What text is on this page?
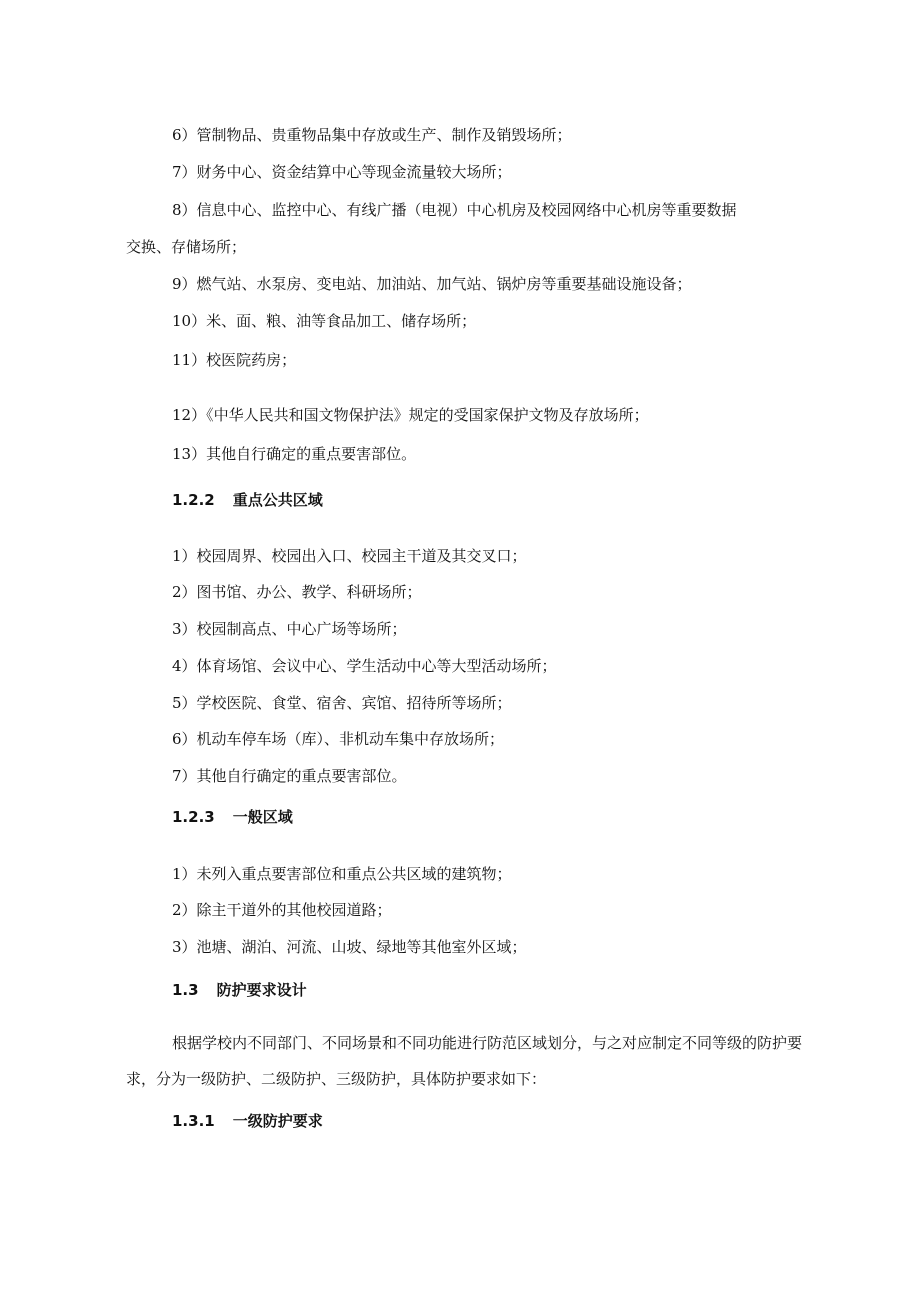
6）管制物品、贵重物品集中存放或生产、制作及销毁场所；
7）财务中心、资金结算中心等现金流量较大场所；
8）信息中心、监控中心、有线广播（电视）中心机房及校园网络中心机房等重要数据
交换、存储场所；
9）燃气站、水泵房、变电站、加油站、加气站、锅炉房等重要基础设施设备；
10）米、面、粮、油等食品加工、储存场所；
11）校医院药房；
12）《中华人民共和国文物保护法》规定的受国家保护文物及存放场所；
13）其他自行确定的重点要害部位。
1.2.2 重点公共区域
1）校园周界、校园出入口、校园主干道及其交叉口；
2）图书馆、办公、教学、科研场所；
3）校园制高点、中心广场等场所；
4）体育场馆、会议中心、学生活动中心等大型活动场所；
5）学校医院、食堂、宿舍、宾馆、招待所等场所；
6）机动车停车场（库）、非机动车集中存放场所；
7）其他自行确定的重点要害部位。
1.2.3 一般区域
1）未列入重点要害部位和重点公共区域的建筑物；
2）除主干道外的其他校园道路；
3）池塘、湖泊、河流、山坡、绿地等其他室外区域；
1.3 防护要求设计
根据学校内不同部门、不同场景和不同功能进行防范区域划分，与之对应制定不同等级的防护要求，分为一级防护、二级防护、三级防护，具体防护要求如下：
1.3.1 一级防护要求
